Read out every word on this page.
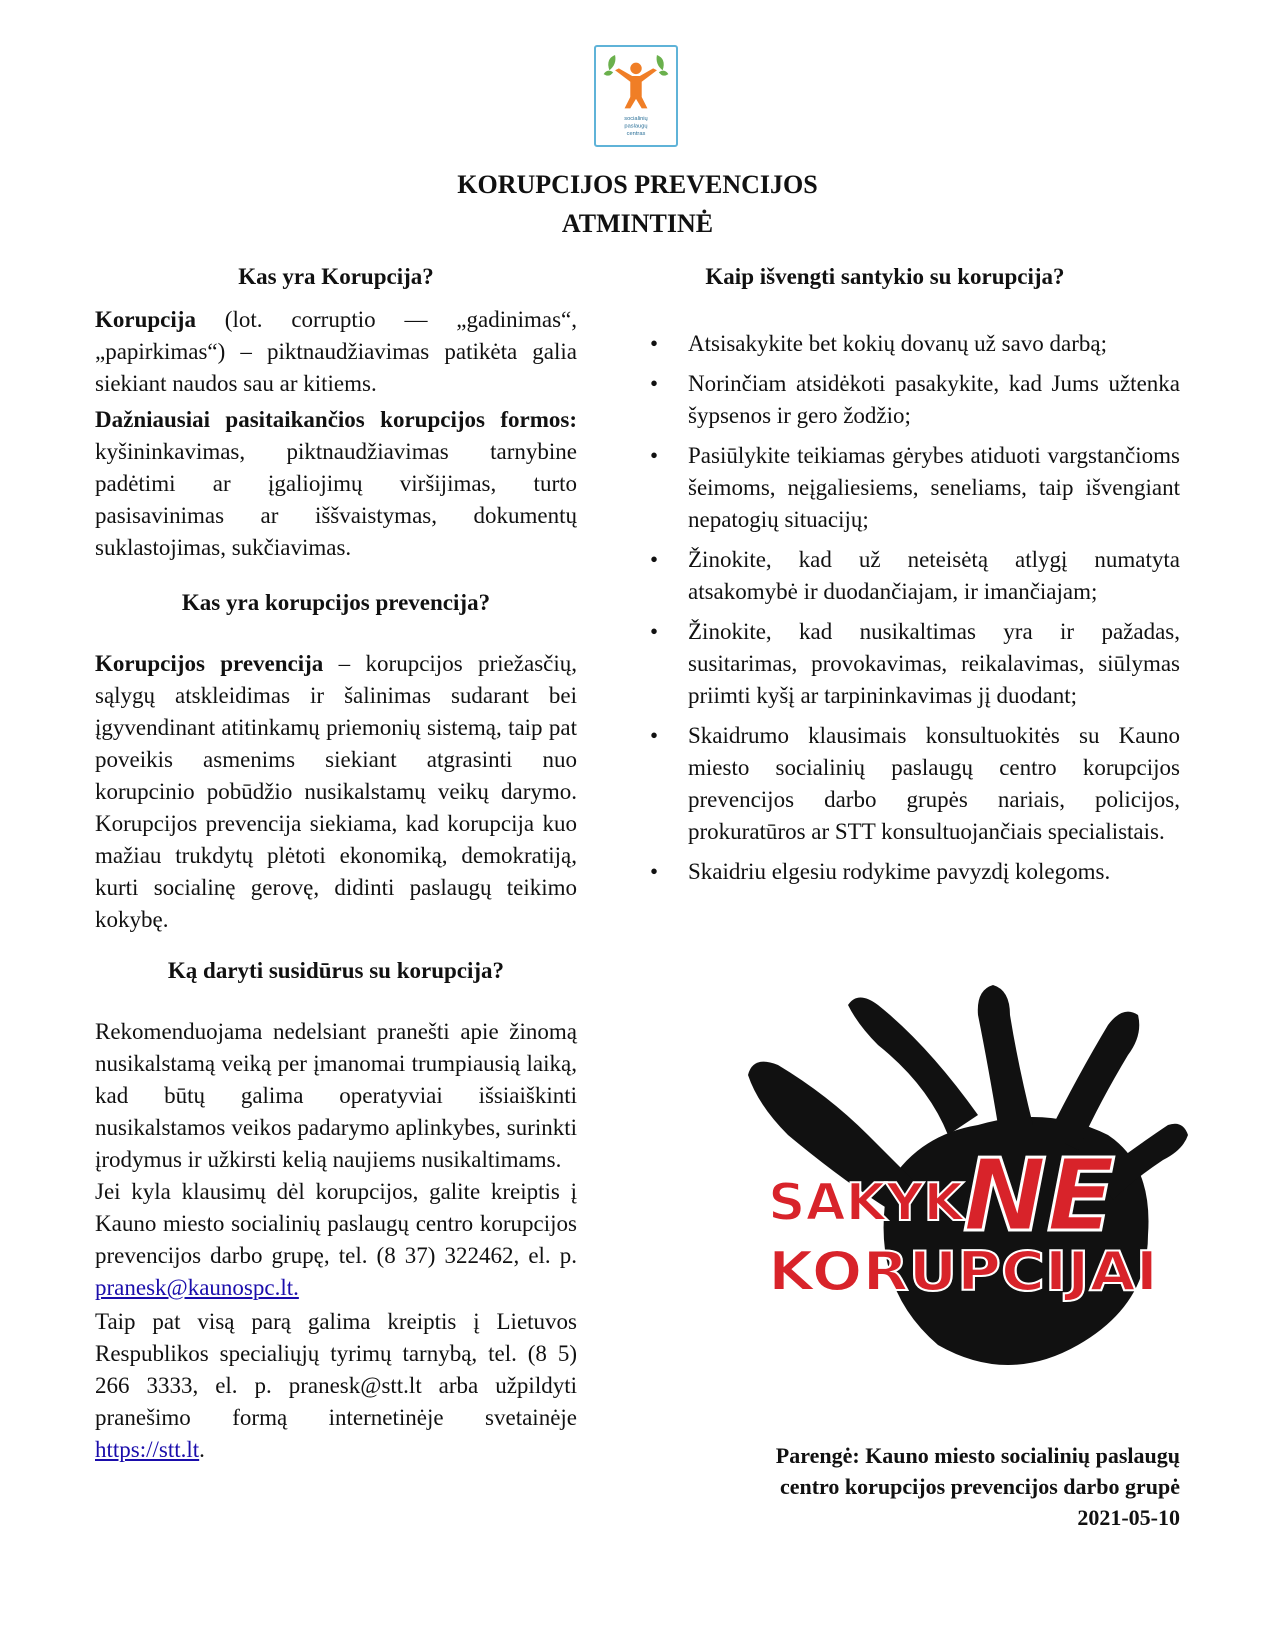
socialinių
paslaugų
centras
KORUPCIJOS PREVENCIJOS
ATMINTINĖ
Kas yra Korupcija?
Korupcija (lot. corruptio — „gadinimas“, „papirkimas“) – piktnaudžiavimas patikėta galia siekiant naudos sau ar kitiems.
Dažniausiai pasitaikančios korupcijos formos: kyšininkavimas, piktnaudžiavimas tarnybine padėtimi ar įgaliojimų viršijimas, turto pasisavinimas ar iššvaistymas, dokumentų suklastojimas, sukčiavimas.
Kas yra korupcijos prevencija?
Korupcijos prevencija – korupcijos priežasčių, sąlygų atskleidimas ir šalinimas sudarant bei įgyvendinant atitinkamų priemonių sistemą, taip pat poveikis asmenims siekiant atgrasinti nuo korupcinio pobūdžio nusikalstamų veikų darymo. Korupcijos prevencija siekiama, kad korupcija kuo mažiau trukdytų plėtoti ekonomiką, demokratiją, kurti socialinę gerovę, didinti paslaugų teikimo kokybę.
Ką daryti susidūrus su korupcija?
Rekomenduojama nedelsiant pranešti apie žinomą nusikalstamą veiką per įmanomai trumpiausią laiką, kad būtų galima operatyviai išsiaiškinti nusikalstamos veikos padarymo aplinkybes, surinkti įrodymus ir užkirsti kelią naujiems nusikaltimams.
Jei kyla klausimų dėl korupcijos, galite kreiptis į Kauno miesto socialinių paslaugų centro korupcijos prevencijos darbo grupę, tel. (8 37) 322462, el. p. pranesk@kaunospc.lt.
Taip pat visą parą galima kreiptis į Lietuvos Respublikos specialiųjų tyrimų tarnybą, tel. (8 5) 266 3333, el. p. pranesk@stt.lt arba užpildyti pranešimo formą internetinėje svetainėje https://stt.lt.
Kaip išvengti santykio su korupcija?
• Atsisakykite bet kokių dovanų už savo darbą;
• Norinčiam atsidėkoti pasakykite, kad Jums užtenka šypsenos ir gero žodžio;
• Pasiūlykite teikiamas gėrybes atiduoti vargstančioms šeimoms, neįgaliesiems, seneliams, taip išvengiant nepatogių situacijų;
• Žinokite, kad už neteisėtą atlygį numatyta atsakomybė ir duodančiajam, ir imančiajam;
• Žinokite, kad nusikaltimas yra ir pažadas, susitarimas, provokavimas, reikalavimas, siūlymas priimti kyšį ar tarpininkavimas jį duodant;
• Skaidrumo klausimais konsultuokitės su Kauno miesto socialinių paslaugų centro korupcijos prevencijos darbo grupės nariais, policijos, prokuratūros ar STT konsultuojančiais specialistais.
• Skaidriu elgesiu rodykime pavyzdį kolegoms.
SAKYK NE
KORUPCIJAI
Parengė: Kauno miesto socialinių paslaugų
centro korupcijos prevencijos darbo grupė
2021-05-10
